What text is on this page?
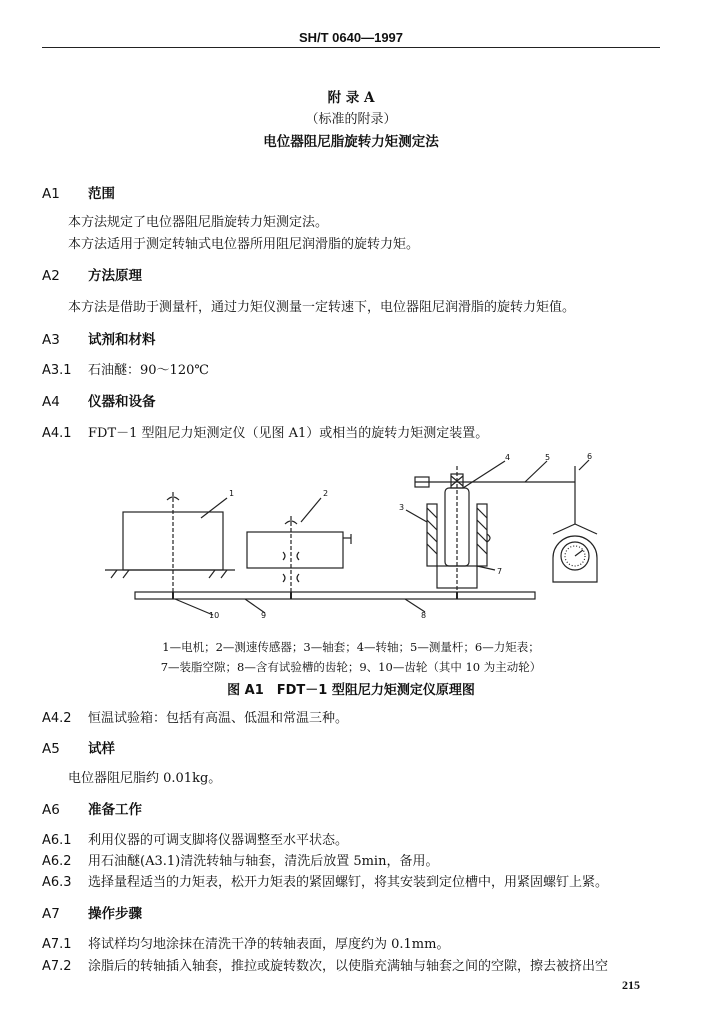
SH/T 0640—1997
附 录 A
（标准的附录）
电位器阻尼脂旋转力矩测定法
A1 范围
本方法规定了电位器阻尼脂旋转力矩测定法。
本方法适用于测定转轴式电位器所用阻尼润滑脂的旋转力矩。
A2 方法原理
本方法是借助于测量杆，通过力矩仪测量一定转速下，电位器阻尼润滑脂的旋转力矩值。
A3 试剂和材料
A3.1 石油醚：90～120℃
A4 仪器和设备
A4.1 FDT－1 型阻尼力矩测定仪（见图 A1）或相当的旋转力矩测定装置。
1	2
3
4	5	6
7
8
9
10
1—电机；2—测速传感器；3—轴套；4—转轴；5—测量杆；6—力矩表；
7—装脂空隙；8—含有试验槽的齿轮；9、10—齿轮（其中 10 为主动轮）
图 A1　FDT－1 型阻尼力矩测定仪原理图
A4.2 恒温试验箱：包括有高温、低温和常温三种。
A5 试样
电位器阻尼脂约 0.01kg。
A6 准备工作
A6.1 利用仪器的可调支脚将仪器调整至水平状态。
A6.2 用石油醚(A3.1)清洗转轴与轴套，清洗后放置 5min，备用。
A6.3 选择量程适当的力矩表，松开力矩表的紧固螺钉，将其安装到定位槽中，用紧固螺钉上紧。
A7 操作步骤
A7.1 将试样均匀地涂抹在清洗干净的转轴表面，厚度约为 0.1mm。
A7.2 涂脂后的转轴插入轴套，推拉或旋转数次，以使脂充满轴与轴套之间的空隙，擦去被挤出空
215
